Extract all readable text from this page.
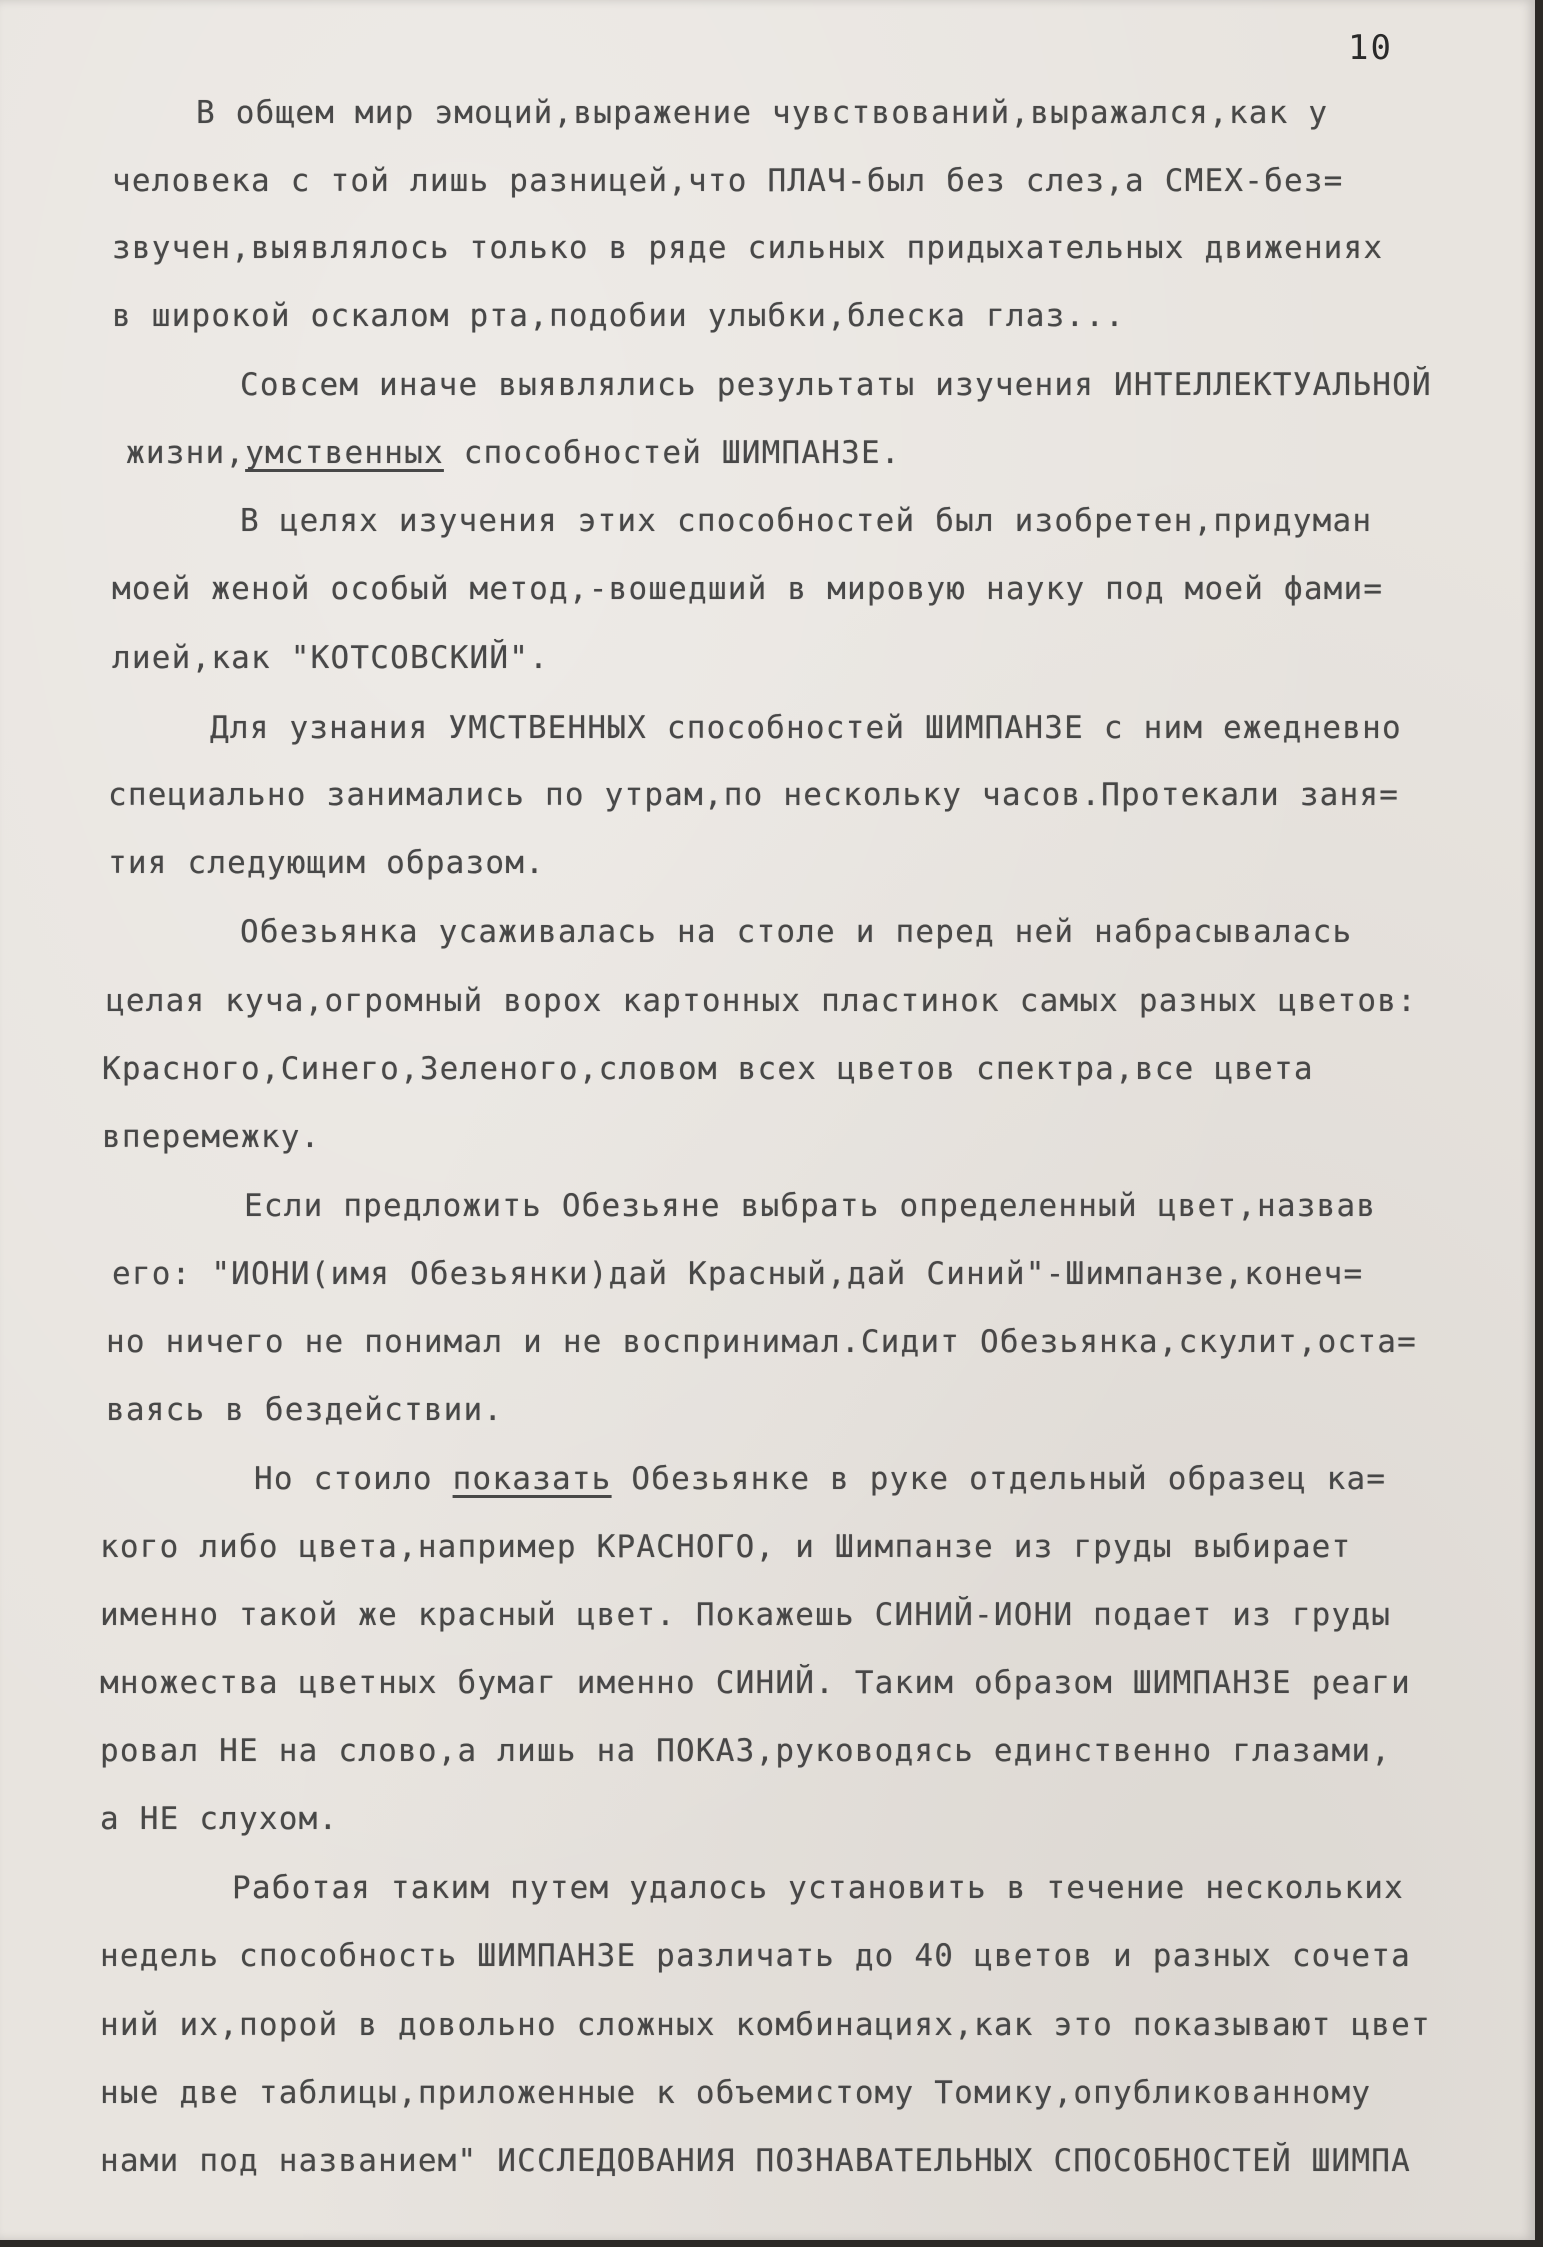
10
В общем мир эмоций,выражение чувствований,выражался,как у
человека с той лишь разницей,что ПЛАЧ-был без слез,а СМЕХ-без=
звучен,выявлялось только в ряде сильных придыхательных движениях
в широкой оскалом рта,подобии улыбки,блеска глаз...
Совсем иначе выявлялись результаты изучения ИНТЕЛЛЕКТУАЛЬНОЙ
жизни,умственных способностей ШИМПАНЗЕ.
В целях изучения этих способностей был изобретен,придуман
моей женой особый метод,-вошедший в мировую науку под моей фами=
лией,как "КОТСОВСКИЙ".
Для узнания УМСТВЕННЫХ способностей ШИМПАНЗЕ с ним ежедневно
специально занимались по утрам,по нескольку часов.Протекали заня=
тия следующим образом.
Обезьянка усаживалась на столе и перед ней набрасывалась
целая куча,огромный ворох картонных пластинок самых разных цветов:
Красного,Синего,Зеленого,словом всех цветов спектра,все цвета
вперемежку.
Если предложить Обезьяне выбрать определенный цвет,назвав
его: "ИОНИ(имя Обезьянки)дай Красный,дай Синий"-Шимпанзе,конеч=
но ничего не понимал и не воспринимал.Сидит Обезьянка,скулит,оста=
ваясь в бездействии.
Но стоило показать Обезьянке в руке отдельный образец ка=
кого либо цвета,например КРАСНОГО, и Шимпанзе из груды выбирает
именно такой же красный цвет. Покажешь СИНИЙ-ИОНИ подает из груды
множества цветных бумаг именно СИНИЙ. Таким образом ШИМПАНЗЕ реаги
ровал НЕ на слово,а лишь на ПОКАЗ,руководясь единственно глазами,
а НЕ слухом.
Работая таким путем удалось установить в течение нескольких
недель способность ШИМПАНЗЕ различать до 40 цветов и разных сочета
ний их,порой в довольно сложных комбинациях,как это показывают цвет
ные две таблицы,приложенные к объемистому Томику,опубликованному
нами под названием" ИССЛЕДОВАНИЯ ПОЗНАВАТЕЛЬНЫХ СПОСОБНОСТЕЙ ШИМПА
